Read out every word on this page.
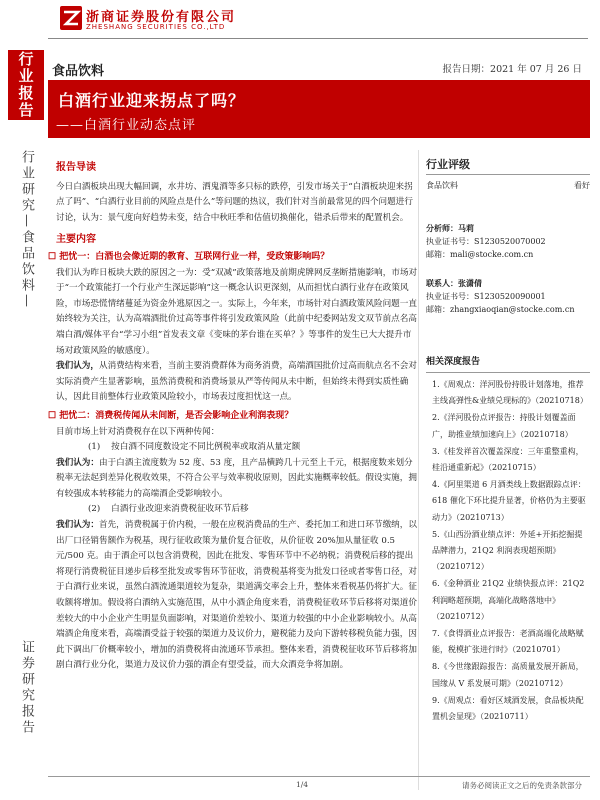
浙商证券股份有限公司
ZHESHANG SECURITIES CO.,LTD
行业报告
行业研究—食品饮料—
证券研究报告
食品饮料	报告日期：2021 年 07 月 26 日
白酒行业迎来拐点了吗？
——白酒行业动态点评
报告导读
今日白酒板块出现大幅回调，水井坊、洒鬼酒等多只标的跌停，引发市场关于“白酒板块迎来拐点了吗”、“白酒行业目前的风险点是什么”等问题的热议，我们针对当前最常见的四个问题进行讨论，认为：景气度向好趋势未变，结合中秋旺季和估值切换催化，错杀后带来的配置机会。
主要内容
☐ 把忧一：白酒也会像近期的教育、互联网行业一样，受政策影响吗？
我们认为昨日板块大跌的原因之一为：受“双减”政策落地及前期虎牌网反垄断措施影响，市场对于“一个政策能打一个行业产生深远影响”这一概念认识更深刻，从而担忧白酒行业存在政策风险，市场恐慌情绪蔓延为资金外逃原因之一。实际上，今年来，市场针对白酒政策风险问题一直始终较为关注，认为高端酒批价过高等事件将引发政策风险（此前中纪委网站发文双节前点名高端白酒/媒体平台“学习小组”首发表文章《变味的茅台谁在买单？》等事件的发生已大大提升市场对政策风险的敏感度）。
我们认为，从消费结构来看，当前主要消费群体为商务消费，高端酒国批价过高而航点名不会对实际消费产生显著影响，虽然消费税和消费场景从严等传闻从未中断，但始终未得到实质性确认，因此目前整体行业政策风险较小，市场表过度担忧这一点。
☐ 把忧二：消费税传闻从未间断，是否会影响企业利润表现？
目前市场上针对消费税存在以下两种传闻：
(1) 按白酒不同度数设定不同比例税率或取消从量定额
我们认为：由于白酒主流度数为 52 度、53 度，且产品横跨几十元至上千元，根据度数来划分税率无法起到差异化税收效果，不符合公平与效率税收原则，因此实施概率较低。假设实施，拥有较强成本转移能力的高端酒企受影响较小。
(2) 白酒行业改迎来消费税征收环节后移
我们认为：首先，消费税属于价内税，一般在应税消费品的生产、委托加工和进口环节缴纳，以出厂口径销售额作为税基，现行征收政策为量价复合征收，从价征收 20%加从量征收 0.5 元/500 克。由于酒企可以包含消费税，因此在批发、零售环节中不必纳税；消费税后移的提出将现行消费税征目递步后移至批发或零售环节征收，消费税基将变为批发口径或者零售口径，对于白酒行业来说，虽然白酒流通渠道较为复杂，渠道满交率会上升，整体来看税基仍将扩大。征收额将增加。假设将白酒纳入实施范围，从中小酒企角度来看，消费税征收环节后移将对渠道价差较大的中小企业产生明显负面影响，对渠道价差较小、渠道力较强的中小企业影响较小。从高端酒企角度来看，高端酒受益于较强的渠道力及议价力，避税能力及向下游转移税负能力强，因此下调出厂价概率较小，增加的消费税将由流通环节承担。整体来看，消费税征收环节后移将加剧白酒行业分化，渠道力及议价力强的酒企有望受益，而大众酒竞争将加剧。
行业评级
食品饮料	看好
分析师：马莉
执业证书号：S1230520070002
邮箱：mali@stocke.com.cn
联系人：张潇倩
执业证书号：S1230520090001
邮箱：zhangxiaoqian@stocke.com.cn
相关深度报告
1.《周观点：洋河股份持股计划落地，推荐主线高弹性&业绩兑现标的》（20210718）
2.《洋河股份点评报告：持股计划覆盖面广，助推业绩加速向上》（20210718）
3.《桂发祥首次覆盖深度：三年重整重构，桂沿通重新起》（20210715）
4.《阿里渠道 6 月酒类线上数据跟踪点评：618 催化下环比提升显著，价格仍为主要驱动力》（20210713）
5.《山西汾酒业绩点评：外延+开拓挖掘提品牌潜力，21Q2 利润表现超预期》（20210712）
6.《金种酒业 21Q2 业绩快报点评：21Q2 利润略超预期，高端化战略落地中》（20210712）
7.《食得酒业点评报告：老酒高端化战略赋能，税模扩张进行时》（20210701）
8.《今世缘跟踪报告：高质量发展开新局，国缘从 V 系发展可期》（20210712）
9.《周观点：看好区域酒发展，食品板块配置机会显现》（20210711）
1/4	请务必阅读正文之后的免责条款部分
